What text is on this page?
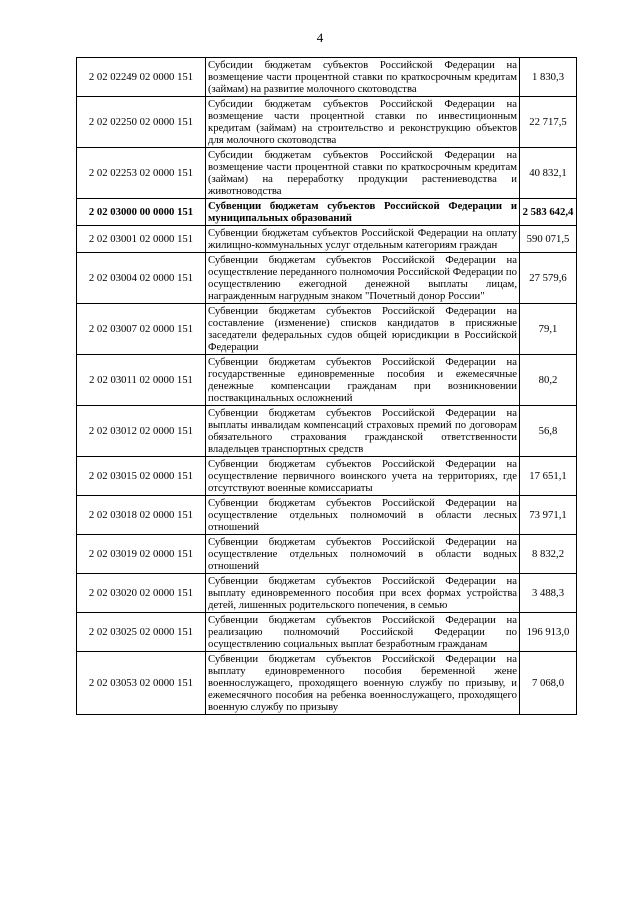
4
2 02 02249 02 0000 151	Субсидии бюджетам субъектов Российской Федерации на возмещение части процентной ставки по краткосрочным кредитам (займам) на развитие молочного скотоводства	1 830,3
2 02 02250 02 0000 151	Субсидии бюджетам субъектов Российской Федерации на возмещение части процентной ставки по инвестиционным кредитам (займам) на строительство и реконструкцию объектов для молочного скотоводства	22 717,5
2 02 02253 02 0000 151	Субсидии бюджетам субъектов Российской Федерации на возмещение части процентной ставки по краткосрочным кредитам (займам) на переработку продукции растениеводства и животноводства	40 832,1
2 02 03000 00 0000 151	Субвенции бюджетам субъектов Российской Федерации и муниципальных образований	2 583 642,4
2 02 03001 02 0000 151	Субвенции бюджетам субъектов Российской Федерации на оплату жилищно-коммунальных услуг отдельным категориям граждан	590 071,5
2 02 03004 02 0000 151	Субвенции бюджетам субъектов Российской Федерации на осуществление переданного полномочия Российской Федерации по осуществлению ежегодной денежной выплаты лицам, награжденным нагрудным знаком "Почетный донор России"	27 579,6
2 02 03007 02 0000 151	Субвенции бюджетам субъектов Российской Федерации на составление (изменение) списков кандидатов в присяжные заседатели федеральных судов общей юрисдикции в Российской Федерации	79,1
2 02 03011 02 0000 151	Субвенции бюджетам субъектов Российской Федерации на государственные единовременные пособия и ежемесячные денежные компенсации гражданам при возникновении поствакцинальных осложнений	80,2
2 02 03012 02 0000 151	Субвенции бюджетам субъектов Российской Федерации на выплаты инвалидам компенсаций страховых премий по договорам обязательного страхования гражданской ответственности владельцев транспортных средств	56,8
2 02 03015 02 0000 151	Субвенции бюджетам субъектов Российской Федерации на осуществление первичного воинского учета на территориях, где отсутствуют военные комиссариаты	17 651,1
2 02 03018 02 0000 151	Субвенции бюджетам субъектов Российской Федерации на осуществление отдельных полномочий в области лесных отношений	73 971,1
2 02 03019 02 0000 151	Субвенции бюджетам субъектов Российской Федерации на осуществление отдельных полномочий в области водных отношений	8 832,2
2 02 03020 02 0000 151	Субвенции бюджетам субъектов Российской Федерации на выплату единовременного пособия при всех формах устройства детей, лишенных родительского попечения, в семью	3 488,3
2 02 03025 02 0000 151	Субвенции бюджетам субъектов Российской Федерации на реализацию полномочий Российской Федерации по осуществлению социальных выплат безработным гражданам	196 913,0
2 02 03053 02 0000 151	Субвенции бюджетам субъектов Российской Федерации на выплату единовременного пособия беременной жене военнослужащего, проходящего военную службу по призыву, и ежемесячного пособия на ребенка военнослужащего, проходящего военную службу по призыву	7 068,0
